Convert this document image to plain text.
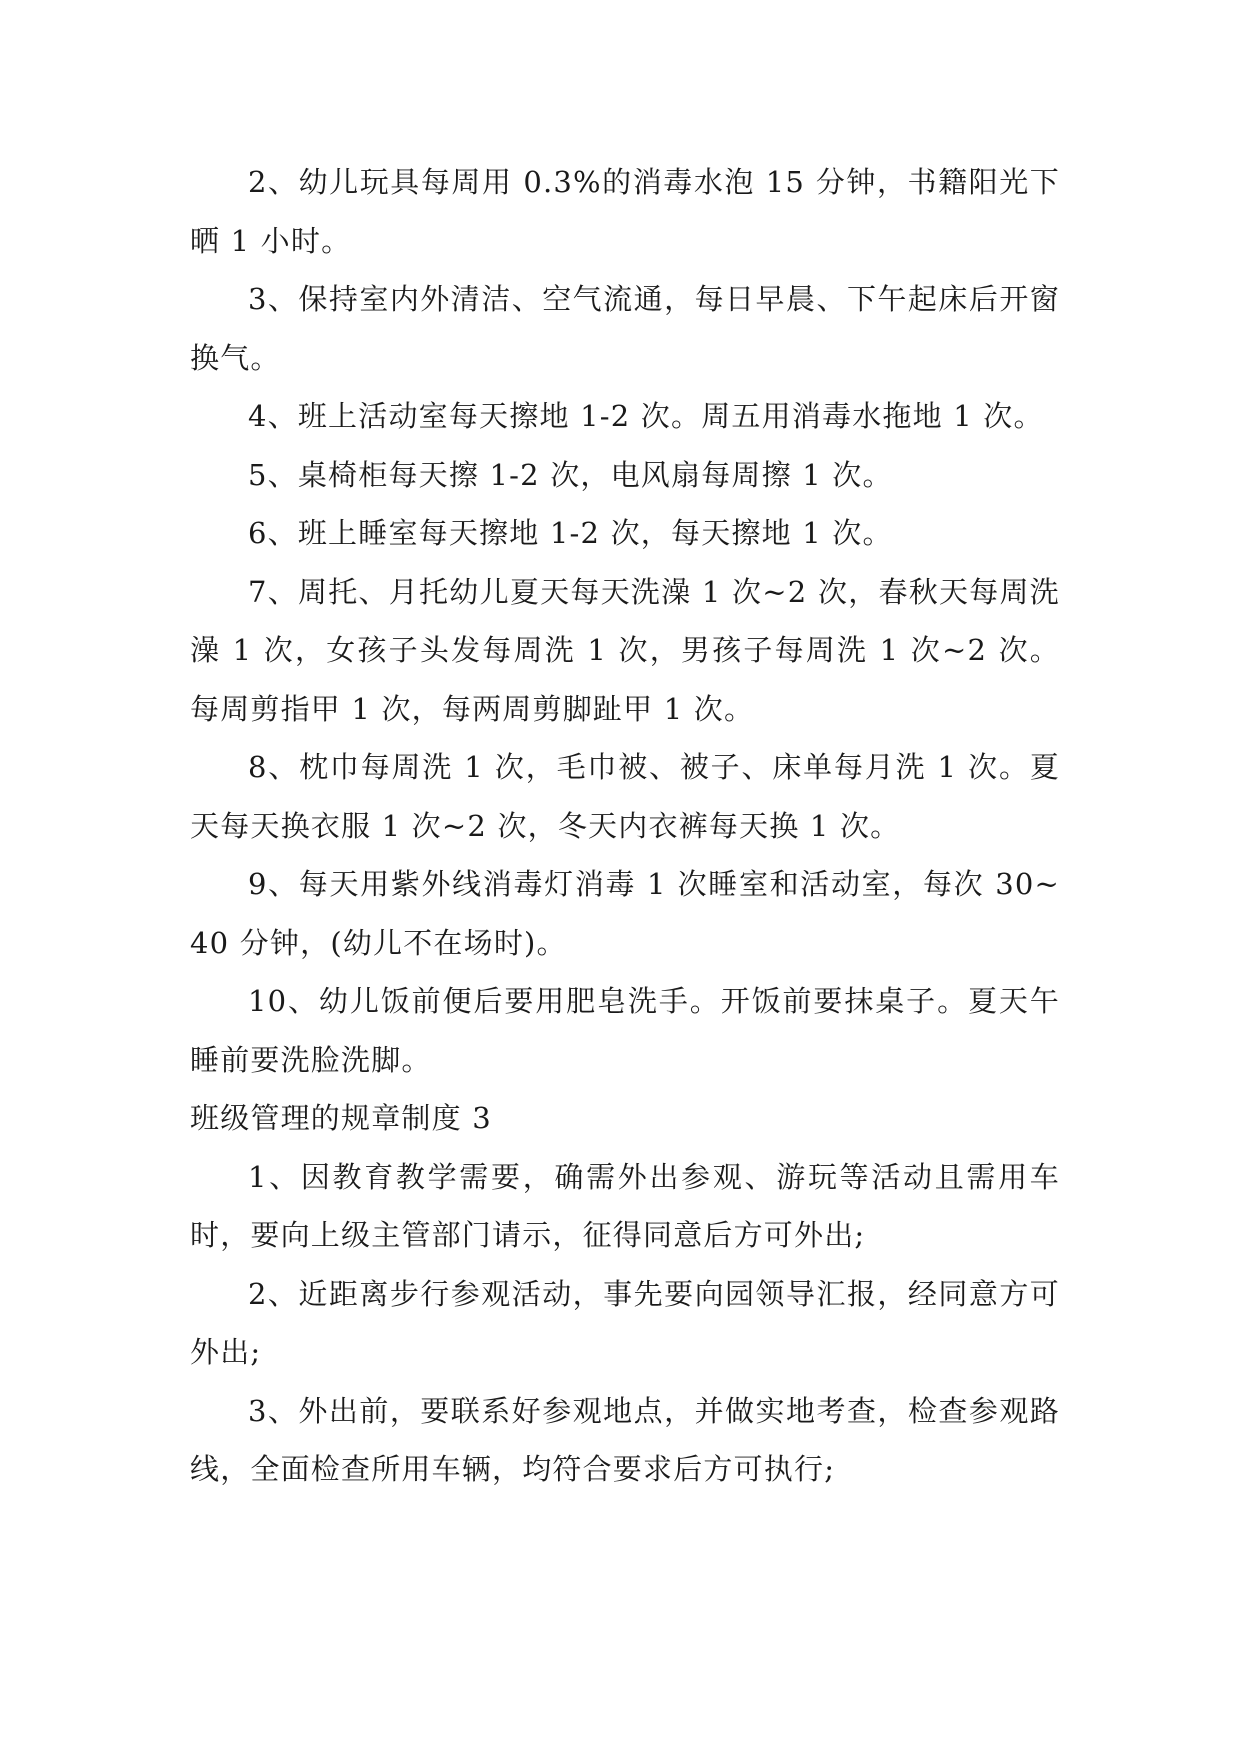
2、幼儿玩具每周用 0.3%的消毒水泡 15 分钟，书籍阳光下晒 1 小时。

3、保持室内外清洁、空气流通，每日早晨、下午起床后开窗换气。

4、班上活动室每天擦地 1-2 次。周五用消毒水拖地 1 次。

5、桌椅柜每天擦 1-2 次，电风扇每周擦 1 次。

6、班上睡室每天擦地 1-2 次，每天擦地 1 次。

7、周托、月托幼儿夏天每天洗澡 1 次~2 次，春秋天每周洗澡 1 次，女孩子头发每周洗 1 次，男孩子每周洗 1 次~2 次。每周剪指甲 1 次，每两周剪脚趾甲 1 次。

8、枕巾每周洗 1 次，毛巾被、被子、床单每月洗 1 次。夏天每天换衣服 1 次~2 次，冬天内衣裤每天换 1 次。

9、每天用紫外线消毒灯消毒 1 次睡室和活动室，每次 30~40 分钟，(幼儿不在场时)。

10、幼儿饭前便后要用肥皂洗手。开饭前要抹桌子。夏天午睡前要洗脸洗脚。

班级管理的规章制度 3

1、因教育教学需要，确需外出参观、游玩等活动且需用车时，要向上级主管部门请示，征得同意后方可外出;

2、近距离步行参观活动，事先要向园领导汇报，经同意方可外出;

3、外出前，要联系好参观地点，并做实地考查，检查参观路线，全面检查所用车辆，均符合要求后方可执行;
